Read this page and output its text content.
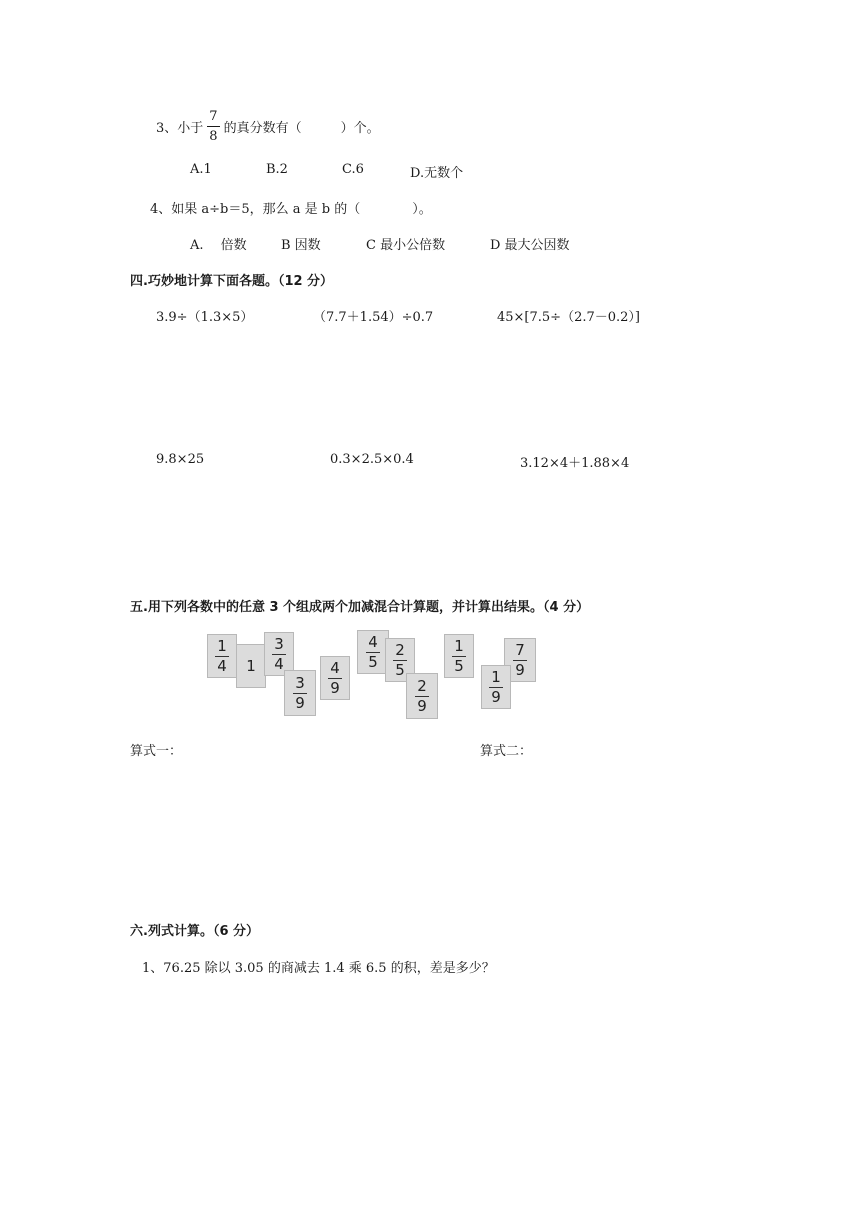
3、小于 $\frac{7}{8}$ 的真分数有（　　　）个。
A.1	B.2	C.6	D.无数个
4、如果 a÷b＝5，那么 a 是 b 的（　　　　）。
A.　 倍数	B 因数	C 最小公倍数	D 最大公因数
四.巧妙地计算下面各题。（12 分）
3.9÷（1.3×5）	（7.7＋1.54）÷0.7	45×[7.5÷（2.7－0.2）]
9.8×25	0.3×2.5×0.4	3.12×4＋1.88×4
五.用下列各数中的任意 3 个组成两个加减混合计算题，并计算出结果。（4 分）
$\frac{1}{4} 1 \frac{3}{4}$
$\frac{3}{9} \frac{4}{9}$
$\frac{4}{5} \frac{2}{5}$
$\frac{2}{9}$
$\frac{1}{5}$	$\frac{7}{9}$
$\frac{1}{9}$
算式一：	算式二：
六.列式计算。（6 分）
1、76.25 除以 3.05 的商减去 1.4 乘 6.5 的积，差是多少？
